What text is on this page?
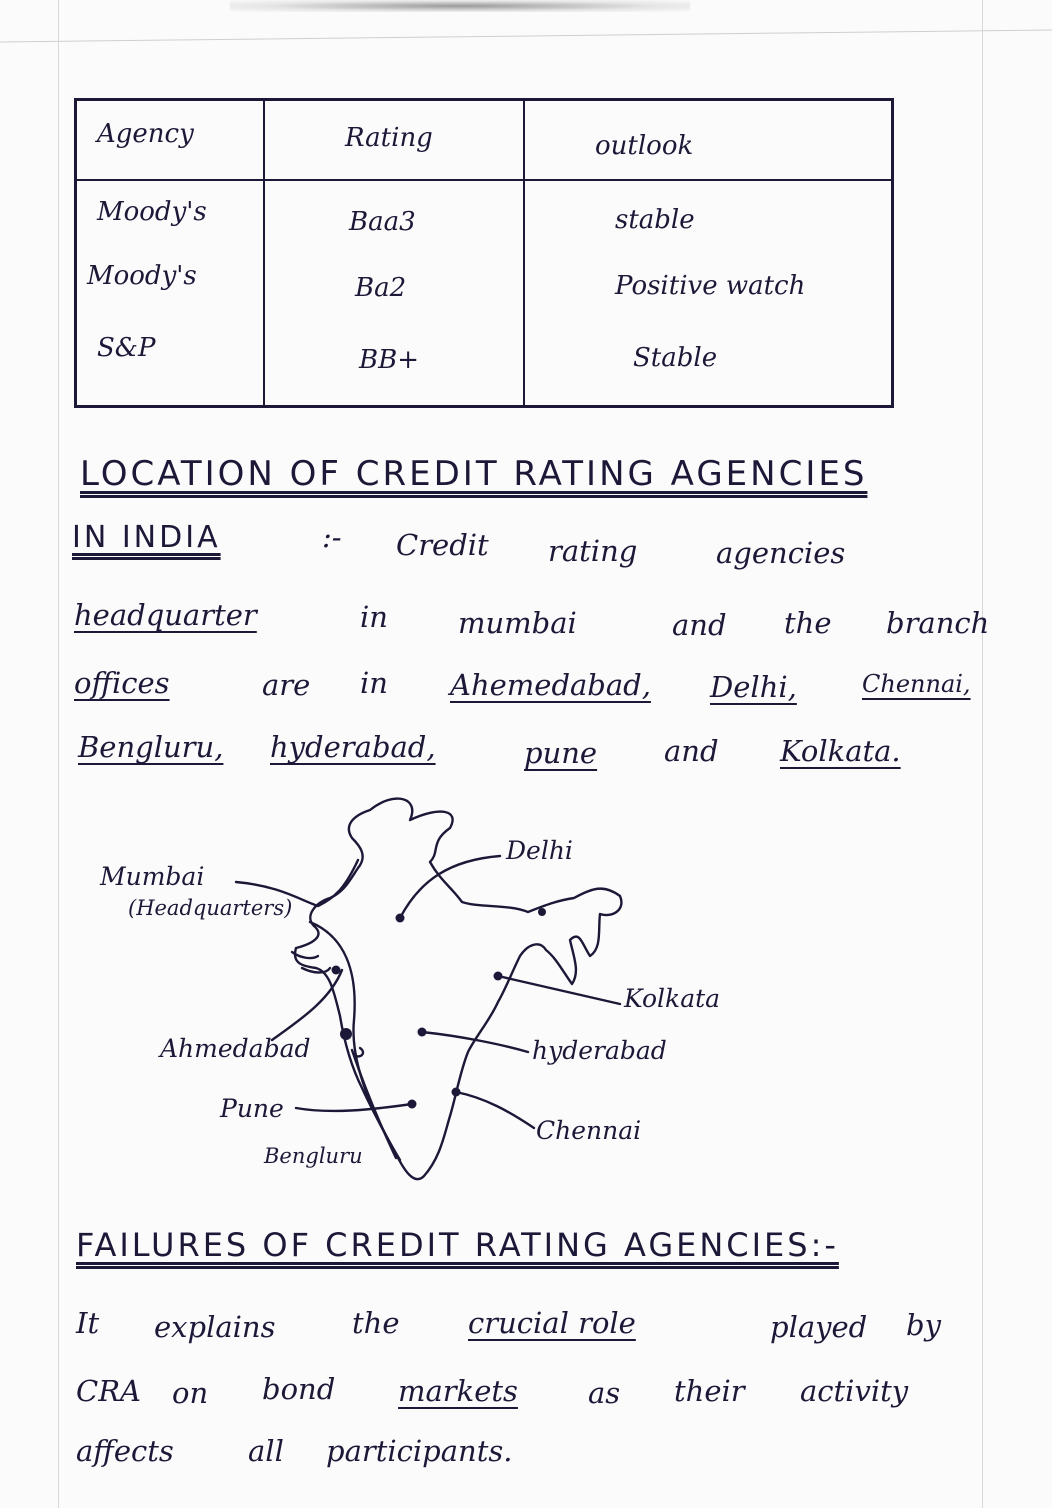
Agency	Rating	outlook
Moody's	Baa3	stable
Moody's	Ba2	Positive watch
S&P	BB+	Stable
LOCATION OF CREDIT RATING AGENCIES
IN INDIA	:- Credit rating	agencies
headquarter	in mumbai	and the branch
offices	are in Ahemedabad, Delhi,	Chennai,
Bengluru, hyderabad,	pune and Kolkata.
Mumbai
(Headquarters)
Delhi
Kolkata
Ahmedabad	hyderabad
Pune
Chennai
Bengluru
FAILURES OF CREDIT RATING AGENCIES:-
It explains	the crucial role	played by
CRA on bond markets as their activity
affects	all participants.
